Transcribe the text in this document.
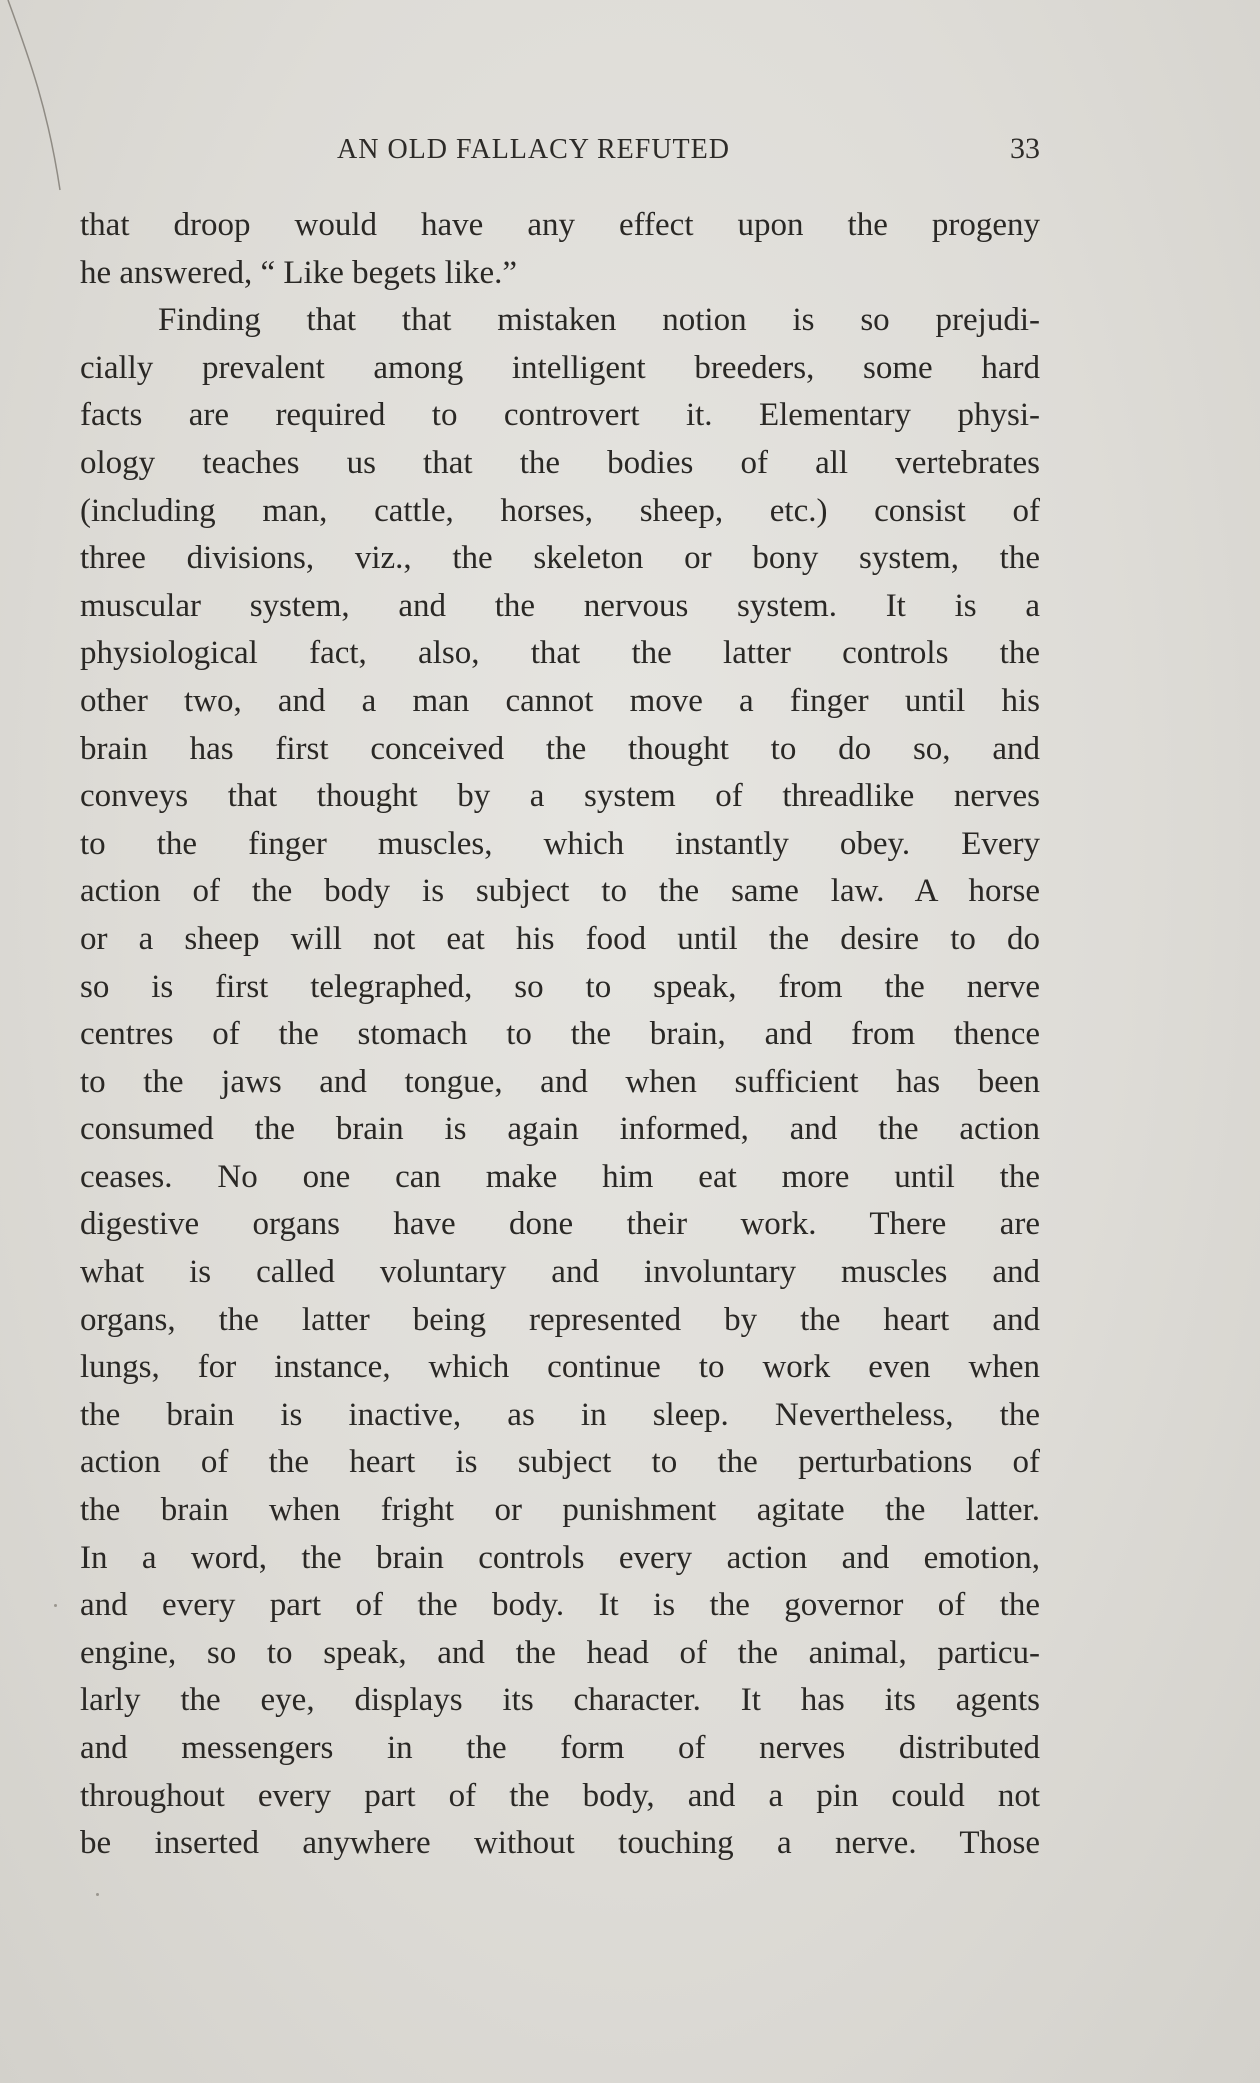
AN OLD FALLACY REFUTED	33
that droop would have any effect upon the progeny
he answered, “ Like begets like.”
Finding that that mistaken notion is so prejudi-
cially prevalent among intelligent breeders, some hard
facts are required to controvert it. Elementary physi-
ology teaches us that the bodies of all vertebrates
(including man, cattle, horses, sheep, etc.) consist of
three divisions, viz., the skeleton or bony system, the
muscular system, and the nervous system. It is a
physiological fact, also, that the latter controls the
other two, and a man cannot move a finger until his
brain has first conceived the thought to do so, and
conveys that thought by a system of threadlike nerves
to the finger muscles, which instantly obey. Every
action of the body is subject to the same law. A horse
or a sheep will not eat his food until the desire to do
so is first telegraphed, so to speak, from the nerve
centres of the stomach to the brain, and from thence
to the jaws and tongue, and when sufficient has been
consumed the brain is again informed, and the action
ceases. No one can make him eat more until the
digestive organs have done their work. There are
what is called voluntary and involuntary muscles and
organs, the latter being represented by the heart and
lungs, for instance, which continue to work even when
the brain is inactive, as in sleep. Nevertheless, the
action of the heart is subject to the perturbations of
the brain when fright or punishment agitate the latter.
In a word, the brain controls every action and emotion,
and every part of the body. It is the governor of the
engine, so to speak, and the head of the animal, particu-
larly the eye, displays its character. It has its agents
and messengers in the form of nerves distributed
throughout every part of the body, and a pin could not
be inserted anywhere without touching a nerve. Those
